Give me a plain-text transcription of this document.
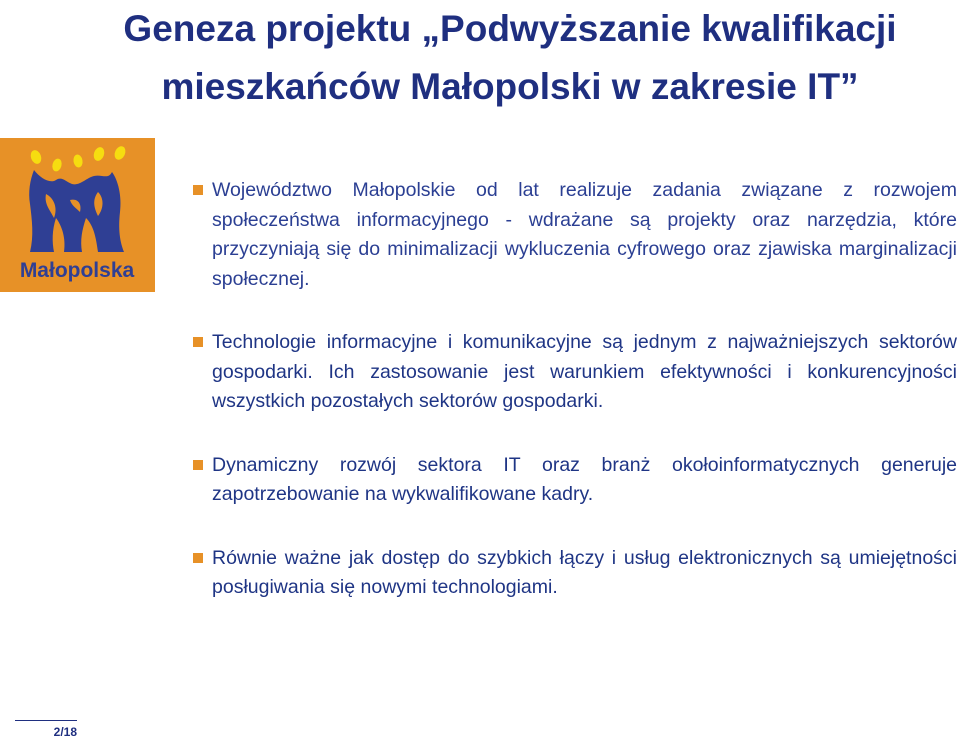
Geneza projektu „Podwyższanie kwalifikacji
mieszkańców Małopolski w zakresie IT”
Małopolska
Województwo Małopolskie od lat realizuje zadania związane z rozwojem społeczeństwa informacyjnego - wdrażane są projekty oraz narzędzia, które przyczyniają się do minimalizacji wykluczenia cyfrowego oraz zjawiska marginalizacji społecznej.
Technologie informacyjne i komunikacyjne są jednym z najważniejszych sektorów gospodarki. Ich zastosowanie jest warunkiem efektywności i konkurencyjności wszystkich pozostałych sektorów gospodarki.
Dynamiczny rozwój sektora IT oraz branż okołoinformatycznych generuje zapotrzebowanie na wykwalifikowane kadry.
Równie ważne jak dostęp do szybkich łączy i usług elektronicznych są umiejętności posługiwania się nowymi technologiami.
2/18
